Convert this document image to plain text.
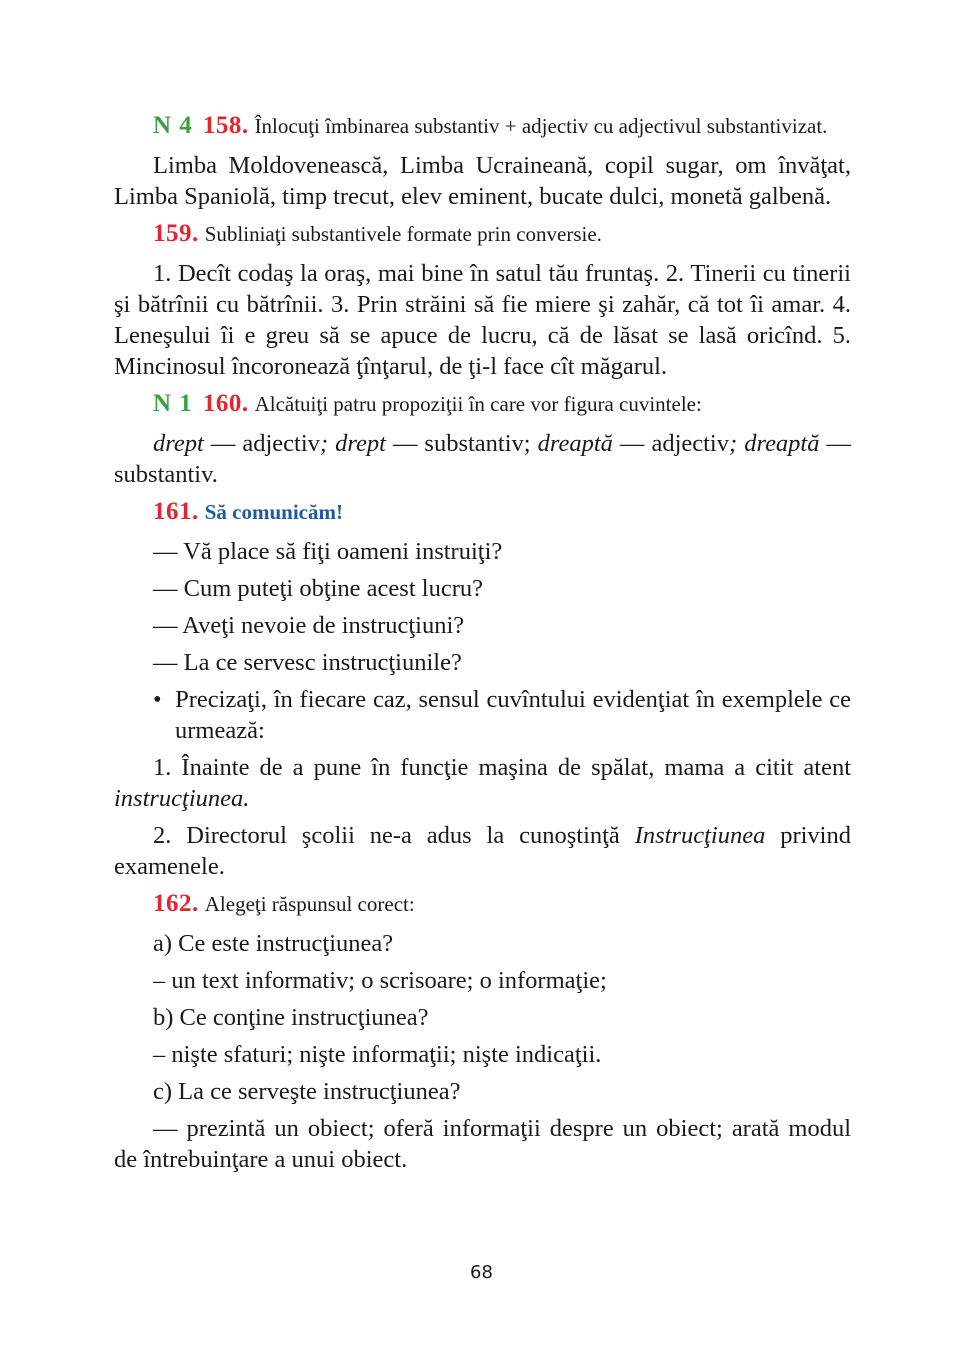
N 4 158. Înlocuţi îmbinarea substantiv + adjectiv cu adjectivul substantivizat.

Limba Moldovenească, Limba Ucraineană, copil sugar, om învăţat, Limba Spaniolă, timp trecut, elev eminent, bucate dulci, monetă galbenă.

159. Subliniaţi substantivele formate prin conversie.

1. Decît codaş la oraş, mai bine în satul tău fruntaş. 2. Tinerii cu tinerii şi bătrînii cu bătrînii. 3. Prin străini să fie miere şi zahăr, că tot îi amar. 4. Leneşului îi e greu să se apuce de lucru, că de lăsat se lasă oricînd. 5. Mincinosul încoronează ţînţarul, de ţi-l face cît măgarul.

N 1 160. Alcătuiţi patru propoziţii în care vor figura cuvintele:

drept — adjectiv; drept — substantiv; dreaptă — adjectiv; dreaptă — substantiv.

161. Să comunicăm!

— Vă place să fiţi oameni instruiţi?

— Cum puteţi obţine acest lucru?

— Aveţi nevoie de instrucţiuni?

— La ce servesc instrucţiunile?

• Precizaţi, în fiecare caz, sensul cuvîntului evidenţiat în exemplele ce urmează:

1. Înainte de a pune în funcţie maşina de spălat, mama a citit atent instrucţiunea.

2. Directorul şcolii ne-a adus la cunoştinţă Instrucţiunea privind examenele.

162. Alegeţi răspunsul corect:

a) Ce este instrucţiunea?

– un text informativ; o scrisoare; o informaţie;

b) Ce conţine instrucţiunea?

– nişte sfaturi; nişte informaţii; nişte indicaţii.

c) La ce serveşte instrucţiunea?

— prezintă un obiect; oferă informaţii despre un obiect; arată modul de întrebuinţare a unui obiect.

68
